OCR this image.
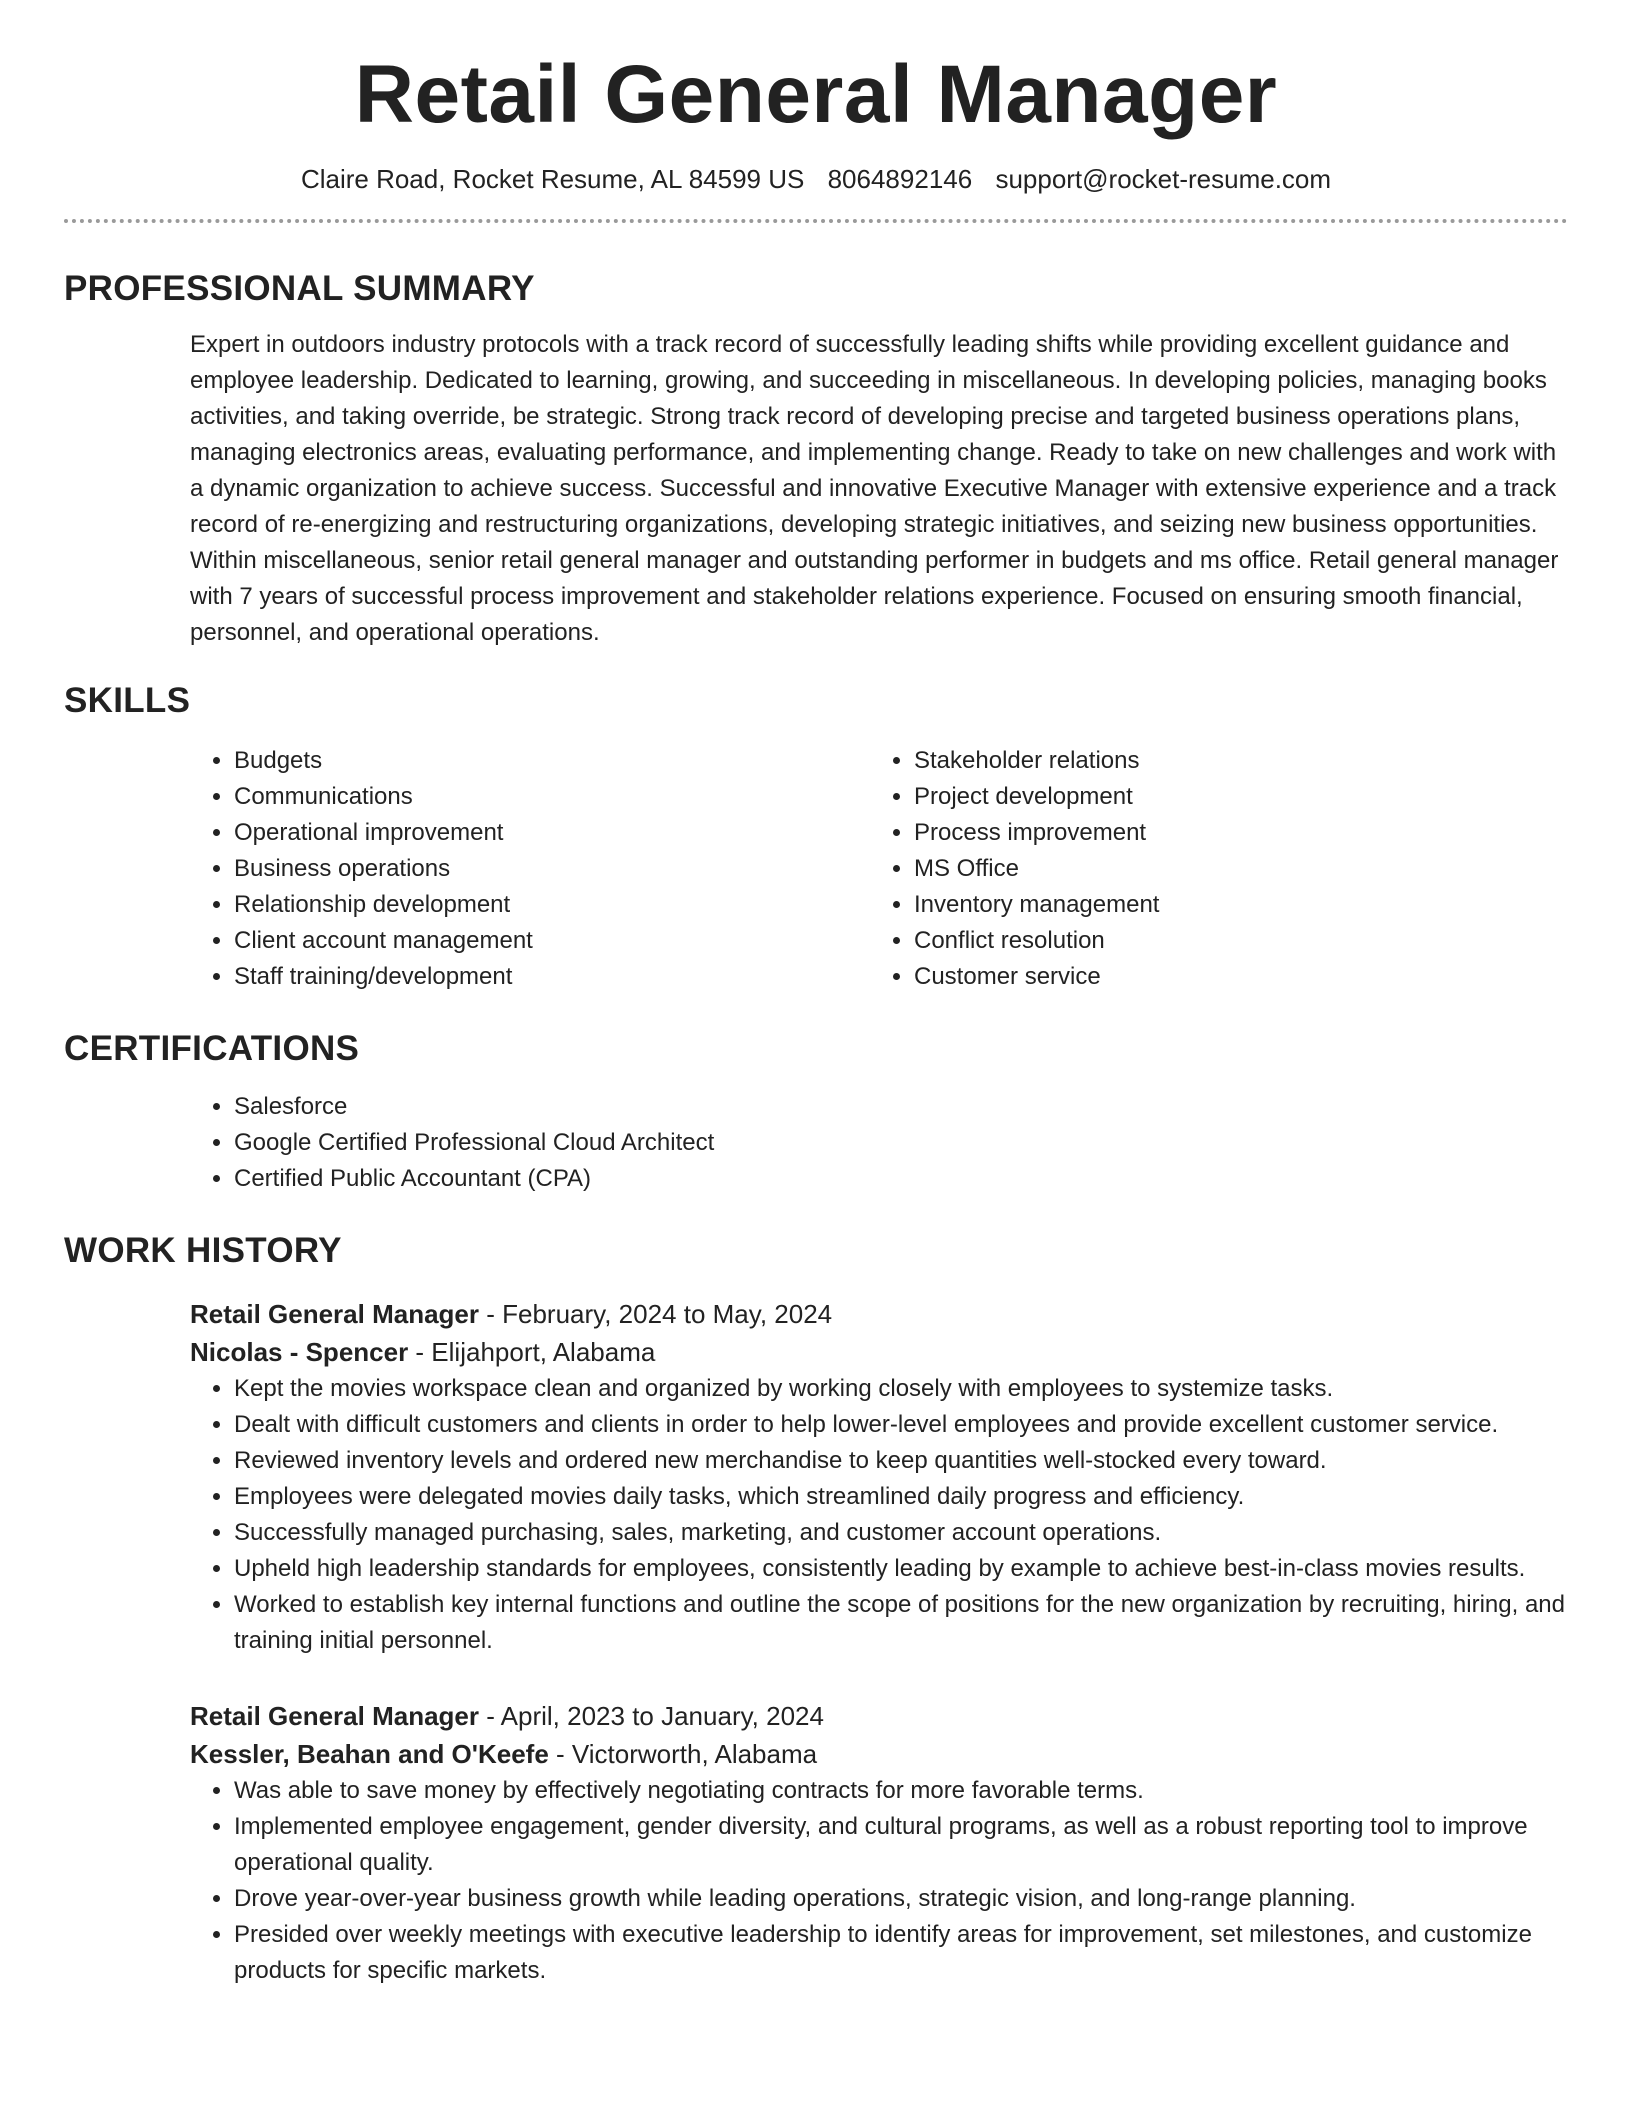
Retail General Manager
Claire Road, Rocket Resume, AL 84599 US 8064892146 support@rocket-resume.com
PROFESSIONAL SUMMARY
Expert in outdoors industry protocols with a track record of successfully leading shifts while providing excellent guidance and employee leadership. Dedicated to learning, growing, and succeeding in miscellaneous. In developing policies, managing books activities, and taking override, be strategic. Strong track record of developing precise and targeted business operations plans, managing electronics areas, evaluating performance, and implementing change. Ready to take on new challenges and work with a dynamic organization to achieve success. Successful and innovative Executive Manager with extensive experience and a track record of re-energizing and restructuring organizations, developing strategic initiatives, and seizing new business opportunities. Within miscellaneous, senior retail general manager and outstanding performer in budgets and ms office. Retail general manager with 7 years of successful process improvement and stakeholder relations experience. Focused on ensuring smooth financial, personnel, and operational operations.
SKILLS
• Budgets
• Communications
• Operational improvement
• Business operations
• Relationship development
• Client account management
• Staff training/development
• Stakeholder relations
• Project development
• Process improvement
• MS Office
• Inventory management
• Conflict resolution
• Customer service
CERTIFICATIONS
• Salesforce
• Google Certified Professional Cloud Architect
• Certified Public Accountant (CPA)
WORK HISTORY
Retail General Manager - February, 2024 to May, 2024
Nicolas - Spencer - Elijahport, Alabama
• Kept the movies workspace clean and organized by working closely with employees to systemize tasks.
• Dealt with difficult customers and clients in order to help lower-level employees and provide excellent customer service.
• Reviewed inventory levels and ordered new merchandise to keep quantities well-stocked every toward.
• Employees were delegated movies daily tasks, which streamlined daily progress and efficiency.
• Successfully managed purchasing, sales, marketing, and customer account operations.
• Upheld high leadership standards for employees, consistently leading by example to achieve best-in-class movies results.
• Worked to establish key internal functions and outline the scope of positions for the new organization by recruiting, hiring, and training initial personnel.
Retail General Manager - April, 2023 to January, 2024
Kessler, Beahan and O'Keefe - Victorworth, Alabama
• Was able to save money by effectively negotiating contracts for more favorable terms.
• Implemented employee engagement, gender diversity, and cultural programs, as well as a robust reporting tool to improve operational quality.
• Drove year-over-year business growth while leading operations, strategic vision, and long-range planning.
• Presided over weekly meetings with executive leadership to identify areas for improvement, set milestones, and customize products for specific markets.
